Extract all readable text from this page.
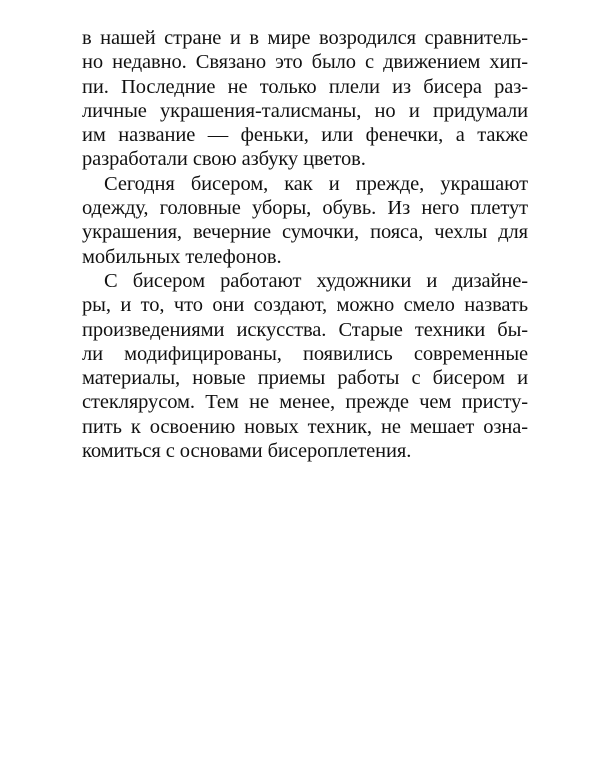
в нашей стране и в мире возродился сравнитель-
но недавно. Связано это было с движением хип-
пи. Последние не только плели из бисера раз-
личные украшения-талисманы, но и придумали
им название — феньки, или фенечки, а также
разработали свою азбуку цветов.
Сегодня бисером, как и прежде, украшают
одежду, головные уборы, обувь. Из него плетут
украшения, вечерние сумочки, пояса, чехлы для
мобильных телефонов.
С бисером работают художники и дизайне-
ры, и то, что они создают, можно смело назвать
произведениями искусства. Старые техники бы-
ли модифицированы, появились современные
материалы, новые приемы работы с бисером и
стеклярусом. Тем не менее, прежде чем присту-
пить к освоению новых техник, не мешает озна-
комиться с основами бисероплетения.
